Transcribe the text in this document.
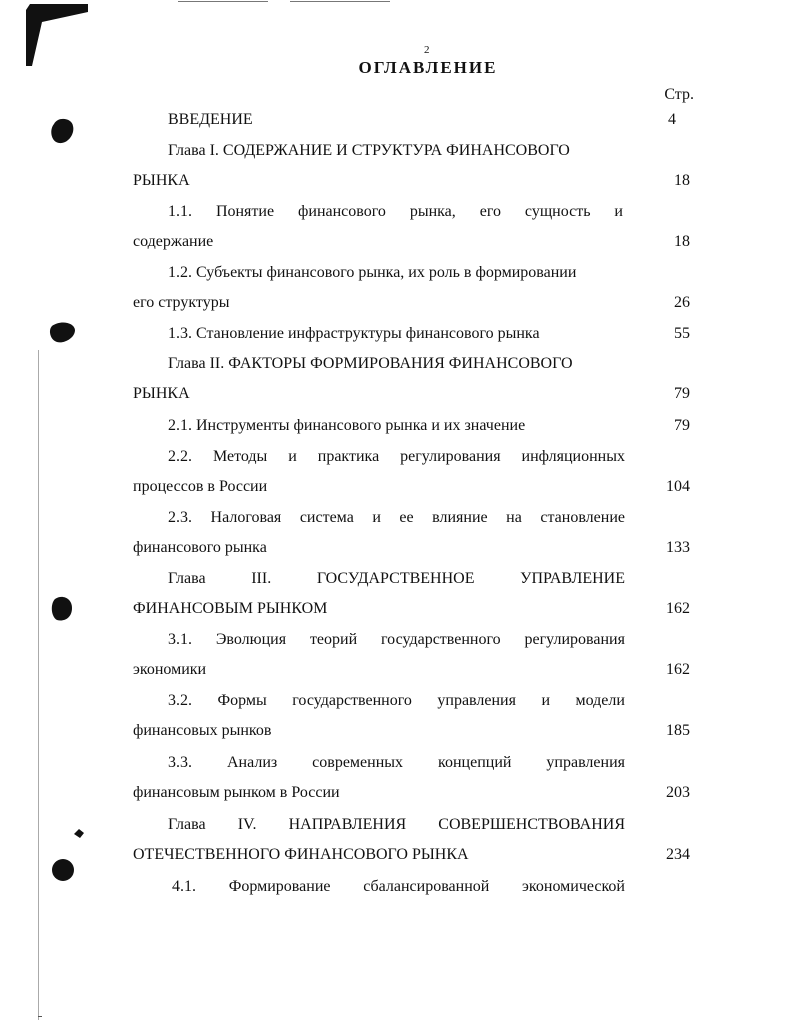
2
ОГЛАВЛЕНИЕ
Стр.
ВВЕДЕНИЕ	4
Глава I. СОДЕРЖАНИЕ И СТРУКТУРА ФИНАНСОВОГО
РЫНКА	18
1.1. Понятие финансового рынка, его сущность и
содержание	18
1.2. Субъекты финансового рынка, их роль в формировании
его структуры	26
1.3. Становление инфраструктуры финансового рынка	55
Глава II. ФАКТОРЫ ФОРМИРОВАНИЯ ФИНАНСОВОГО
РЫНКА	79
2.1. Инструменты финансового рынка и их значение	79
2.2. Методы и практика регулирования инфляционных
процессов в России	104
2.3. Налоговая система и ее влияние на становление
финансового рынка	133
Глава	III.	ГОСУДАРСТВЕННОЕ	УПРАВЛЕНИЕ
ФИНАНСОВЫМ РЫНКОМ	162
3.1. Эволюция теорий государственного регулирования
экономики	162
3.2. Формы государственного управления и модели
финансовых рынков	185
3.3. Анализ современных концепций управления
финансовым рынком в России	203
Глава IV. НАПРАВЛЕНИЯ СОВЕРШЕНСТВОВАНИЯ
ОТЕЧЕСТВЕННОГО ФИНАНСОВОГО РЫНКА	234
4.1. Формирование сбалансированной экономической
